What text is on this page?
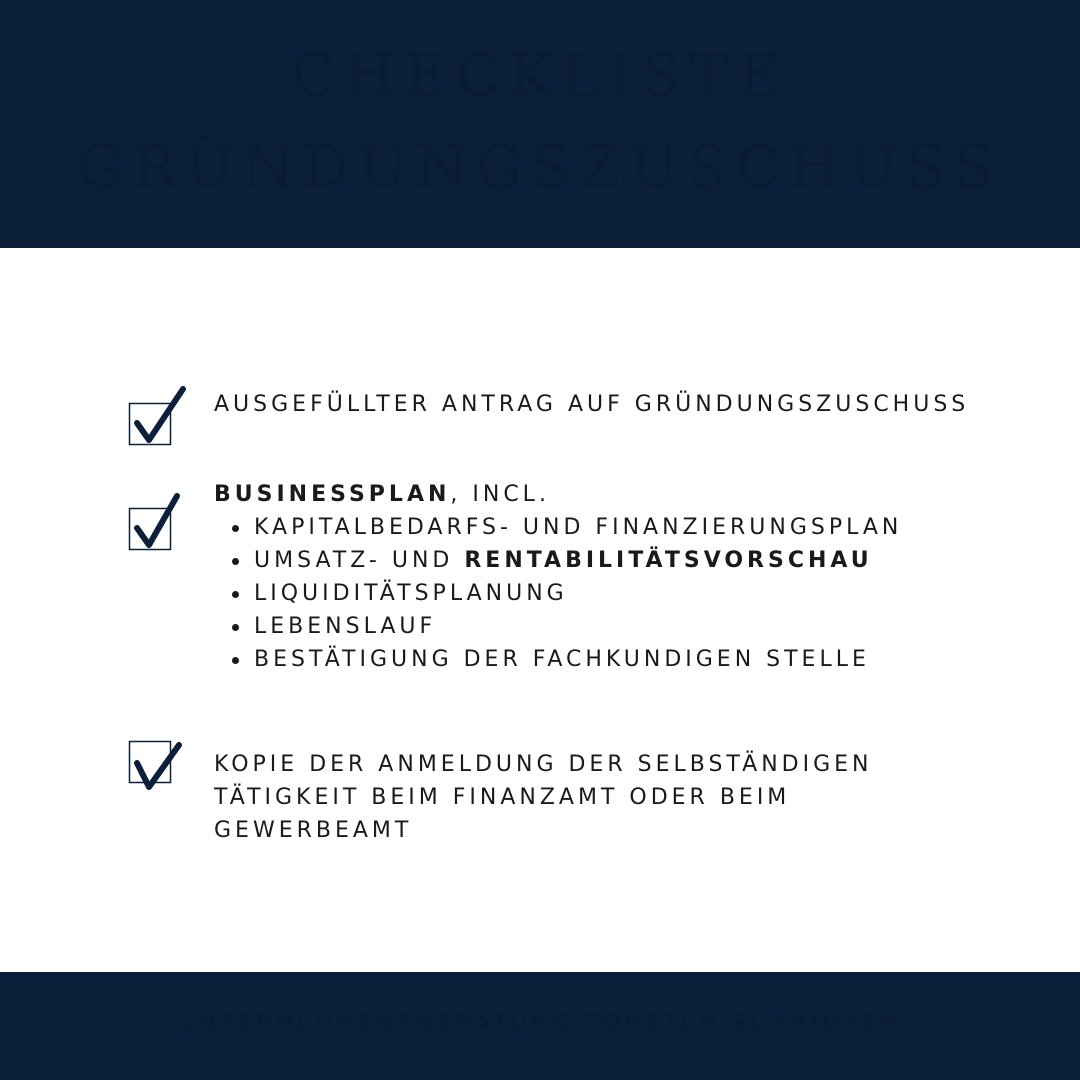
CHECKLISTE
GRÜNDUNGSZUSCHUSS
AUSGEFÜLLTER ANTRAG AUF GRÜNDUNGSZUSCHUSS
BUSINESSPLAN, INCL.
KAPITALBEDARFS- UND FINANZIERUNGSPLAN
UMSATZ- UND RENTABILITÄTSVORSCHAU
LIQUIDITÄTSPLANUNG
LEBENSLAUF
BESTÄTIGUNG DER FACHKUNDIGEN STELLE
KOPIE DER ANMELDUNG DER SELBSTÄNDIGEN
TÄTIGKEIT BEIM FINANZAMT ODER BEIM
GEWERBEAMT
UNTERNEHMENSBERATUNG TORSTEN SCHRIMPER
